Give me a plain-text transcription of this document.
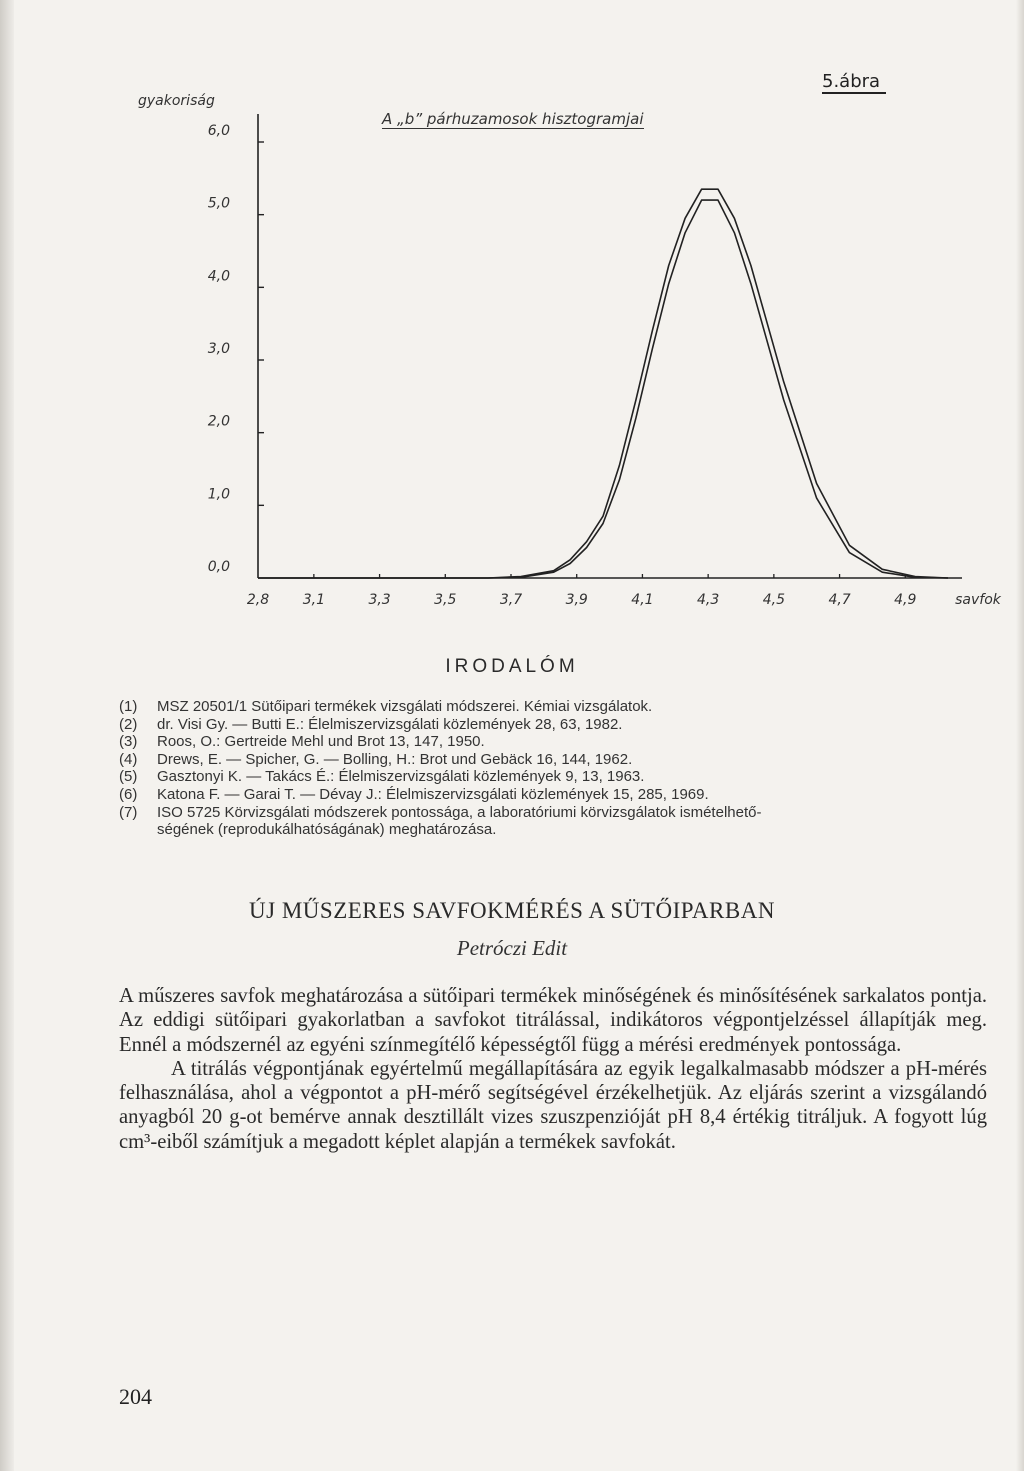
5.ábra
gyakoriság
A „b” párhuzamosok hisztogramjai
6,0
5,0
4,0
3,0
2,0
1,0
0,0
2,8 3,1	3,3	3,5	3,7	3,9	4,1	4,3	4,5	4,7	4,9	savfok
IRODALÓM
(1)	MSZ 20501/1 Sütőipari termékek vizsgálati módszerei. Kémiai vizsgálatok.
(2)	dr. Visi Gy. — Butti E.: Élelmiszervizsgálati közlemények 28, 63, 1982.
(3)	Roos, O.: Gertreide Mehl und Brot 13, 147, 1950.
(4)	Drews, E. — Spicher, G. — Bolling, H.: Brot und Gebäck 16, 144, 1962.
(5)	Gasztonyi K. — Takács É.: Élelmiszervizsgálati közlemények 9, 13, 1963.
(6)	Katona F. — Garai T. — Dévay J.: Élelmiszervizsgálati közlemények 15, 285, 1969.
(7)	ISO 5725 Körvizsgálati módszerek pontossága, a laboratóriumi körvizsgálatok ismételhető-
ségének (reprodukálhatóságának) meghatározása.
ÚJ MŰSZERES SAVFOKMÉRÉS A SÜTŐIPARBAN
Petróczi Edit

A műszeres savfok meghatározása a sütőipari termékek minőségének és minősítésének sarkalatos pontja. Az eddigi sütőipari gyakorlatban a savfokot titrálással, indikátoros végpontjelzéssel állapítják meg. Ennél a módszernél az egyéni színmegítélő képességtől függ a mérési eredmények pontossága.

A titrálás végpontjának egyértelmű megállapítására az egyik legalkalmasabb módszer a pH-mérés felhasználása, ahol a végpontot a pH-mérő segítségével érzékelhetjük. Az eljárás szerint a vizsgálandó anyagból 20 g-ot bemérve annak desztillált vizes szuszpenzióját pH 8,4 értékig titráljuk. A fogyott lúg cm³-eiből számítjuk a megadott képlet alapján a termékek savfokát.

204
